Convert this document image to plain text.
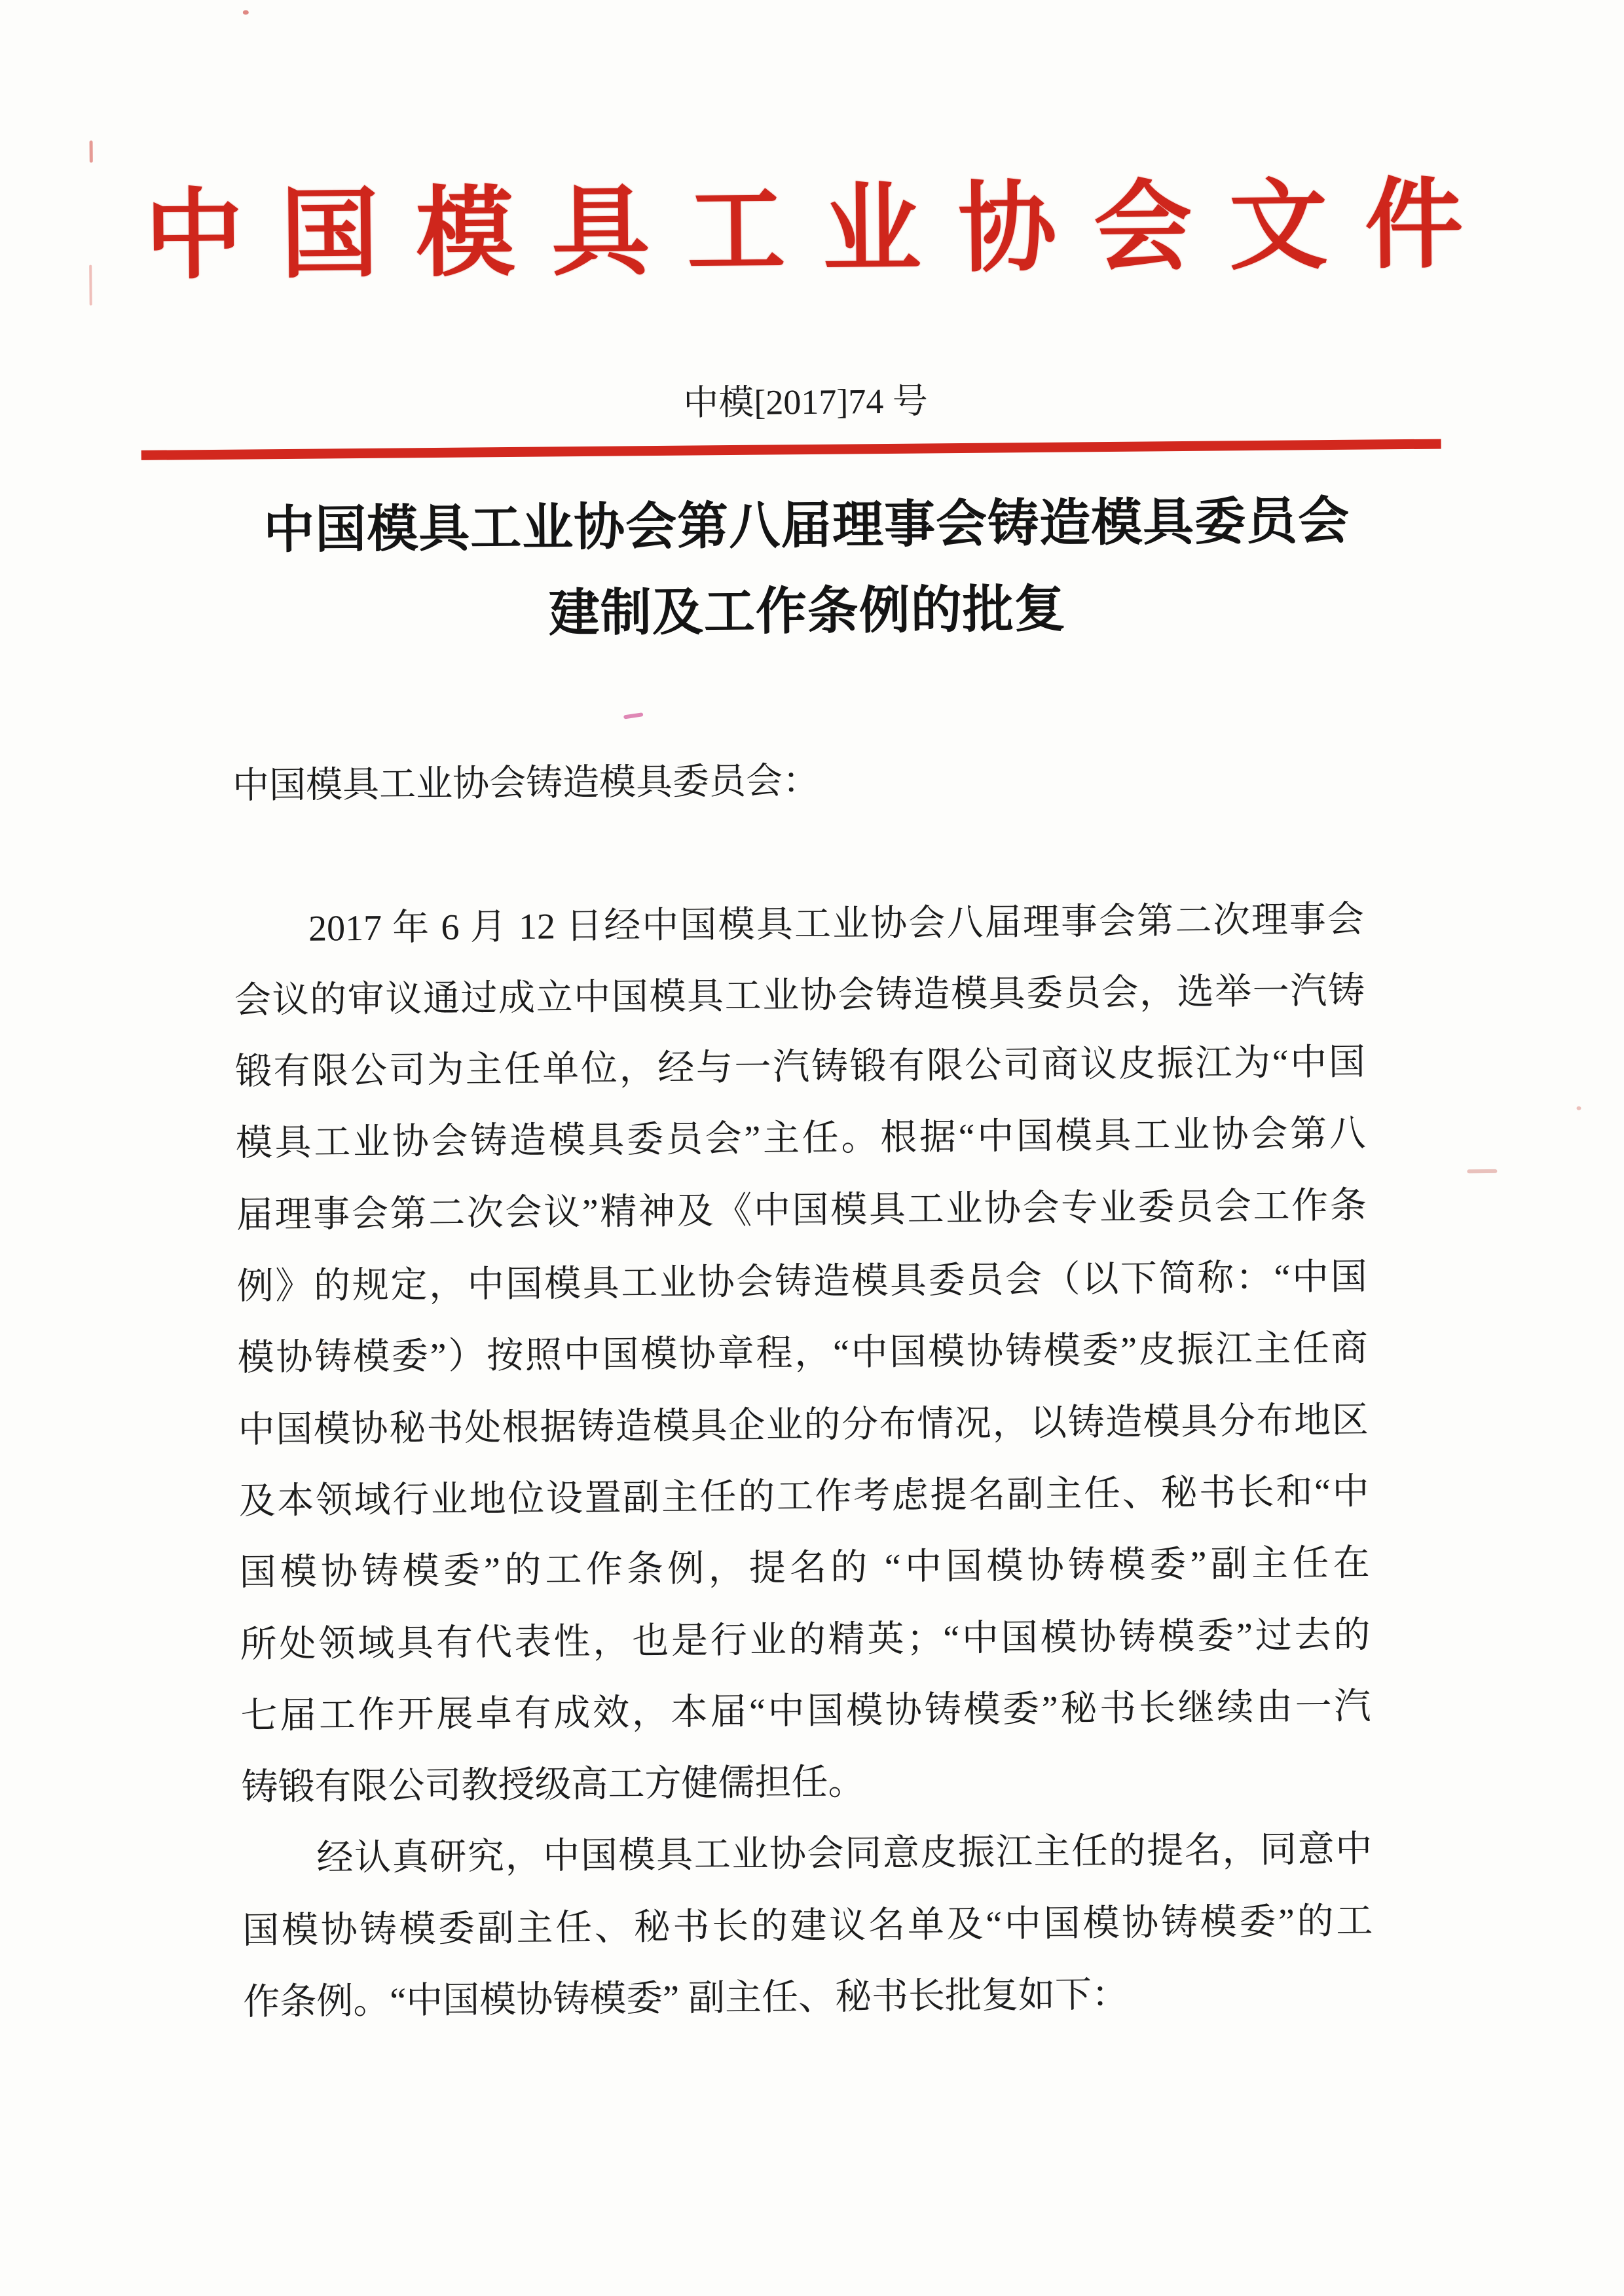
中国模具工业协会文件
中模[2017]74 号
中国模具工业协会第八届理事会铸造模具委员会
建制及工作条例的批复
中国模具工业协会铸造模具委员会：

2017 年 6 月 12 日经中国模具工业协会八届理事会第二次理事会
会议的审议通过成立中国模具工业协会铸造模具委员会，选举一汽铸
锻有限公司为主任单位，经与一汽铸锻有限公司商议皮振江为“中国
模具工业协会铸造模具委员会”主任。根据“中国模具工业协会第八
届理事会第二次会议”精神及《中国模具工业协会专业委员会工作条
例》的规定，中国模具工业协会铸造模具委员会（以下简称：“中国
模协铸模委”）按照中国模协章程，“中国模协铸模委”皮振江主任商
中国模协秘书处根据铸造模具企业的分布情况，以铸造模具分布地区
及本领域行业地位设置副主任的工作考虑提名副主任、秘书长和“中
国模协铸模委”的工作条例，提名的 “中国模协铸模委”副主任在
所处领域具有代表性，也是行业的精英；“中国模协铸模委”过去的
七届工作开展卓有成效，本届“中国模协铸模委”秘书长继续由一汽
铸锻有限公司教授级高工方健儒担任。
经认真研究，中国模具工业协会同意皮振江主任的提名，同意中
国模协铸模委副主任、秘书长的建议名单及“中国模协铸模委”的工
作条例。“中国模协铸模委” 副主任、秘书长批复如下：
